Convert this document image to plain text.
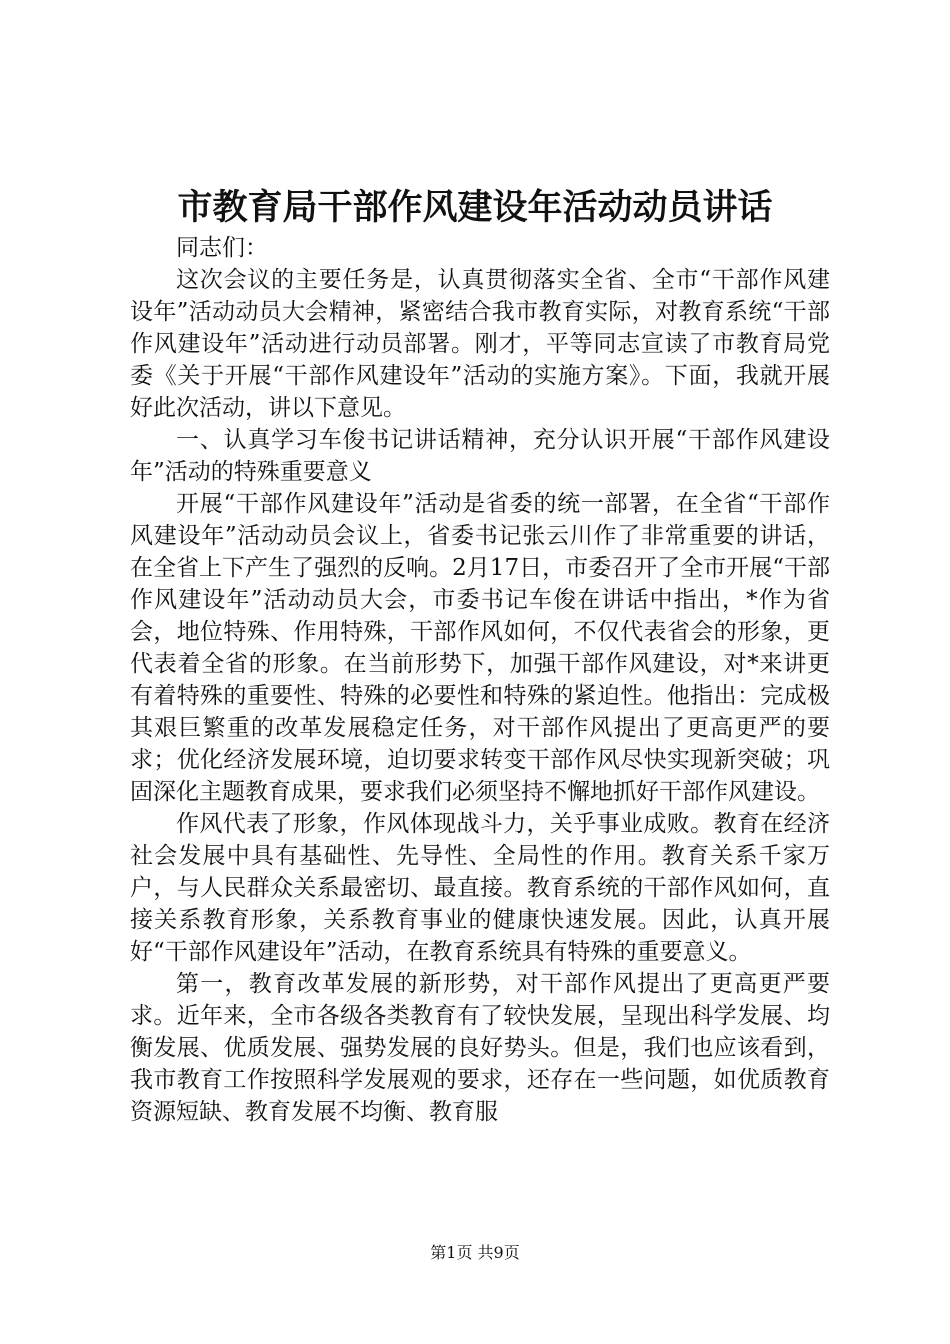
市教育局干部作风建设年活动动员讲话

同志们：

这次会议的主要任务是，认真贯彻落实全省、全市“干部作风建设年”活动动员大会精神，紧密结合我市教育实际，对教育系统“干部作风建设年”活动进行动员部署。刚才，平等同志宣读了市教育局党委《关于开展“干部作风建设年”活动的实施方案》。下面，我就开展好此次活动，讲以下意见。

一、认真学习车俊书记讲话精神，充分认识开展“干部作风建设年”活动的特殊重要意义

开展“干部作风建设年”活动是省委的统一部署，在全省“干部作风建设年”活动动员会议上，省委书记张云川作了非常重要的讲话，在全省上下产生了强烈的反响。2月17日，市委召开了全市开展“干部作风建设年”活动动员大会，市委书记车俊在讲话中指出，*作为省会，地位特殊、作用特殊，干部作风如何，不仅代表省会的形象，更代表着全省的形象。在当前形势下，加强干部作风建设，对*来讲更有着特殊的重要性、特殊的必要性和特殊的紧迫性。他指出：完成极其艰巨繁重的改革发展稳定任务，对干部作风提出了更高更严的要求；优化经济发展环境，迫切要求转变干部作风尽快实现新突破；巩固深化主题教育成果，要求我们必须坚持不懈地抓好干部作风建设。

作风代表了形象，作风体现战斗力，关乎事业成败。教育在经济社会发展中具有基础性、先导性、全局性的作用。教育关系千家万户，与人民群众关系最密切、最直接。教育系统的干部作风如何，直接关系教育形象，关系教育事业的健康快速发展。因此，认真开展好“干部作风建设年”活动，在教育系统具有特殊的重要意义。

第一，教育改革发展的新形势，对干部作风提出了更高更严要求。近年来，全市各级各类教育有了较快发展，呈现出科学发展、均衡发展、优质发展、强势发展的良好势头。但是，我们也应该看到，我市教育工作按照科学发展观的要求，还存在一些问题，如优质教育资源短缺、教育发展不均衡、教育服

第1页 共9页
